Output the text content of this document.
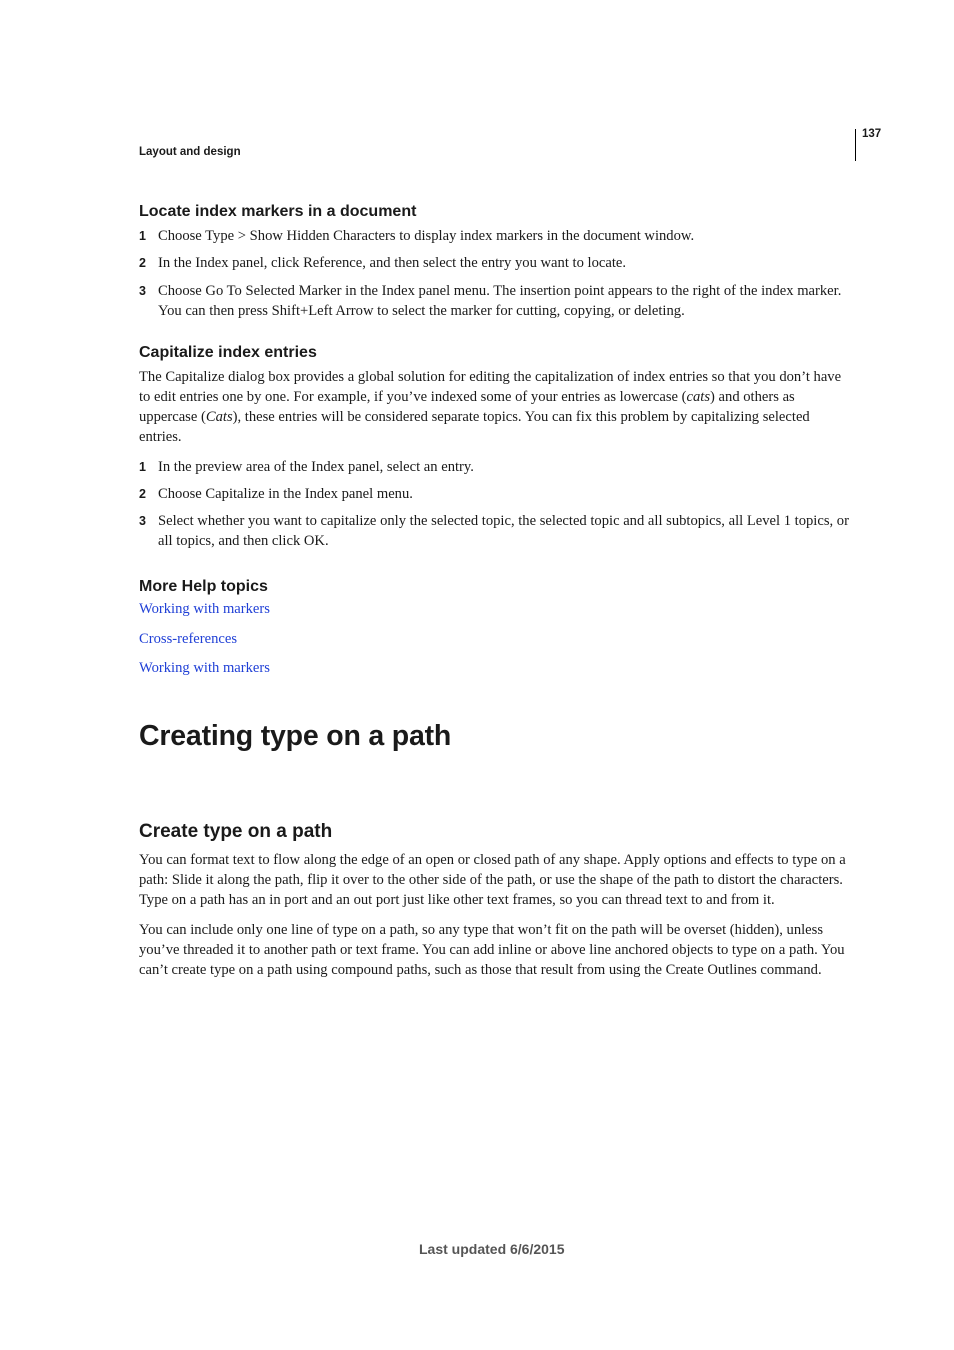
Layout and design
137
Locate index markers in a document
1 Choose Type > Show Hidden Characters to display index markers in the document window.
2 In the Index panel, click Reference, and then select the entry you want to locate.
3 Choose Go To Selected Marker in the Index panel menu. The insertion point appears to the right of the index marker. You can then press Shift+Left Arrow to select the marker for cutting, copying, or deleting.
Capitalize index entries
The Capitalize dialog box provides a global solution for editing the capitalization of index entries so that you don’t have to edit entries one by one. For example, if you’ve indexed some of your entries as lowercase (cats) and others as uppercase (Cats), these entries will be considered separate topics. You can fix this problem by capitalizing selected entries.
1 In the preview area of the Index panel, select an entry.
2 Choose Capitalize in the Index panel menu.
3 Select whether you want to capitalize only the selected topic, the selected topic and all subtopics, all Level 1 topics, or all topics, and then click OK.
More Help topics
Working with markers
Cross-references
Working with markers
Creating type on a path
Create type on a path
You can format text to flow along the edge of an open or closed path of any shape. Apply options and effects to type on a path: Slide it along the path, flip it over to the other side of the path, or use the shape of the path to distort the characters. Type on a path has an in port and an out port just like other text frames, so you can thread text to and from it.
You can include only one line of type on a path, so any type that won’t fit on the path will be overset (hidden), unless you’ve threaded it to another path or text frame. You can add inline or above line anchored objects to type on a path. You can’t create type on a path using compound paths, such as those that result from using the Create Outlines command.
Last updated 6/6/2015
